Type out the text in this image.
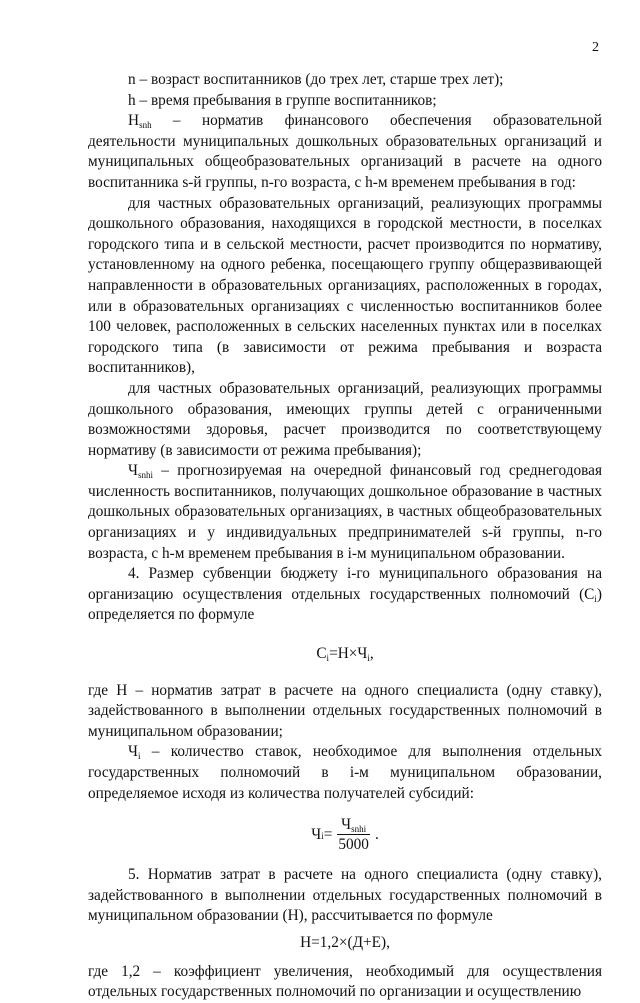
2

n – возраст воспитанников (до трех лет, старше трех лет);

h – время пребывания в группе воспитанников;

$H_{snh}$ – норматив финансового обеспечения образовательной деятельности муниципальных дошкольных образовательных организаций и муниципальных общеобразовательных организаций в расчете на одного воспитанника s-й группы, n-го возраста, с h-м временем пребывания в год:

для частных образовательных организаций, реализующих программы дошкольного образования, находящихся в городской местности, в поселках городского типа и в сельской местности, расчет производится по нормативу, установленному на одного ребенка, посещающего группу общеразвивающей направленности в образовательных организациях, расположенных в городах, или в образовательных организациях с численностью воспитанников более 100 человек, расположенных в сельских населенных пунктах или в поселках городского типа (в зависимости от режима пребывания и возраста воспитанников),

для частных образовательных организаций, реализующих программы дошкольного образования, имеющих группы детей с ограниченными возможностями здоровья, расчет производится по соответствующему нормативу (в зависимости от режима пребывания);

$Ч_{snhi}$ – прогнозируемая на очередной финансовый год среднегодовая численность воспитанников, получающих дошкольное образование в частных дошкольных образовательных организациях, в частных общеобразовательных организациях и у индивидуальных предпринимателей s-й группы, n-го возраста, с h-м временем пребывания в i-м муниципальном образовании.

4. Размер субвенции бюджету i-го муниципального образования на организацию осуществления отдельных государственных полномочий $(C_i)$ определяется по формуле

$C_i=H\times Ч_i$,

где H – норматив затрат в расчете на одного специалиста (одну ставку), задействованного в выполнении отдельных государственных полномочий в муниципальном образовании;

$Ч_i$ – количество ставок, необходимое для выполнения отдельных государственных полномочий в i-м муниципальном образовании, определяемое исходя из количества получателей субсидий:

Ч $i = \frac{Ч_{snhi}}{5000}$ .

5. Норматив затрат в расчете на одного специалиста (одну ставку), задействованного в выполнении отдельных государственных полномочий в муниципальном образовании (H), рассчитывается по формуле

H=1,2×(Д+E),

где 1,2 – коэффициент увеличения, необходимый для осуществления отдельных государственных полномочий по организации и осуществлению
